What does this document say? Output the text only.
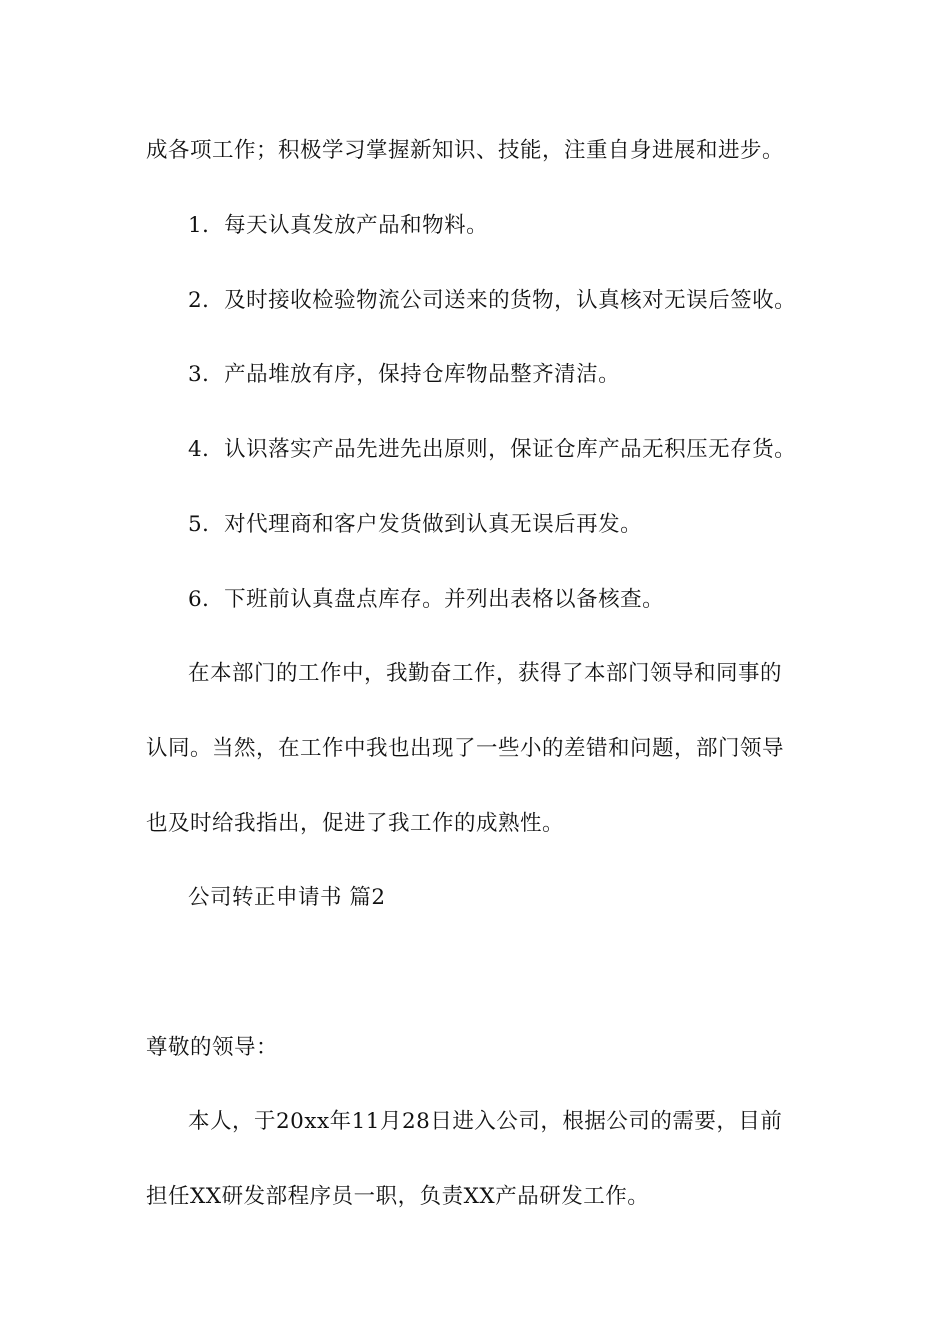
成各项工作；积极学习掌握新知识、技能，注重自身进展和进步。
1．每天认真发放产品和物料。
2．及时接收检验物流公司送来的货物，认真核对无误后签收。
3．产品堆放有序，保持仓库物品整齐清洁。
4．认识落实产品先进先出原则，保证仓库产品无积压无存货。
5．对代理商和客户发货做到认真无误后再发。
6．下班前认真盘点库存。并列出表格以备核查。
在本部门的工作中，我勤奋工作，获得了本部门领导和同事的
认同。当然，在工作中我也出现了一些小的差错和问题，部门领导
也及时给我指出，促进了我工作的成熟性。
公司转正申请书 篇2
尊敬的领导：
本人，于20xx年11月28日进入公司，根据公司的需要，目前
担任XX研发部程序员一职，负责XX产品研发工作。
